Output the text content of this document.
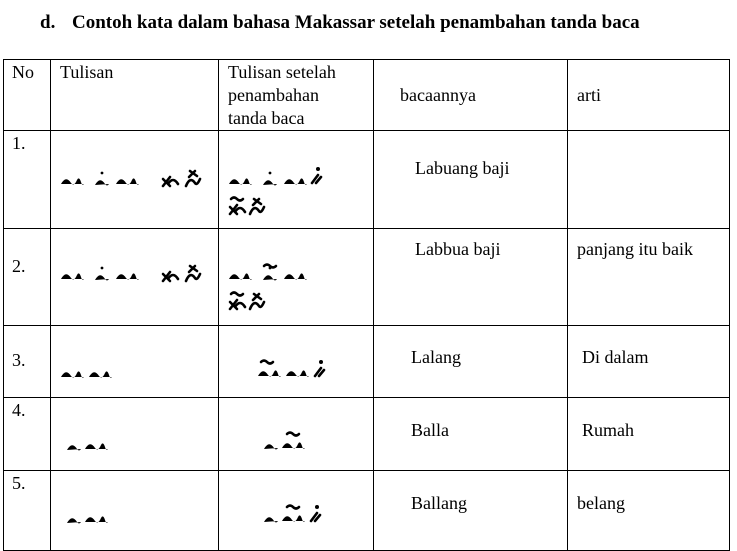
d. Contoh kata dalam bahasa Makassar setelah penambahan tanda baca
No	Tulisan	Tulisan setelah
penambahan
tanda baca	bacaannya	arti

1.			Labuang baji	

2.			Labbua baji	panjang itu baik

3.			Lalang	Di dalam

4.			Balla	Rumah

5.			Ballang	belang
